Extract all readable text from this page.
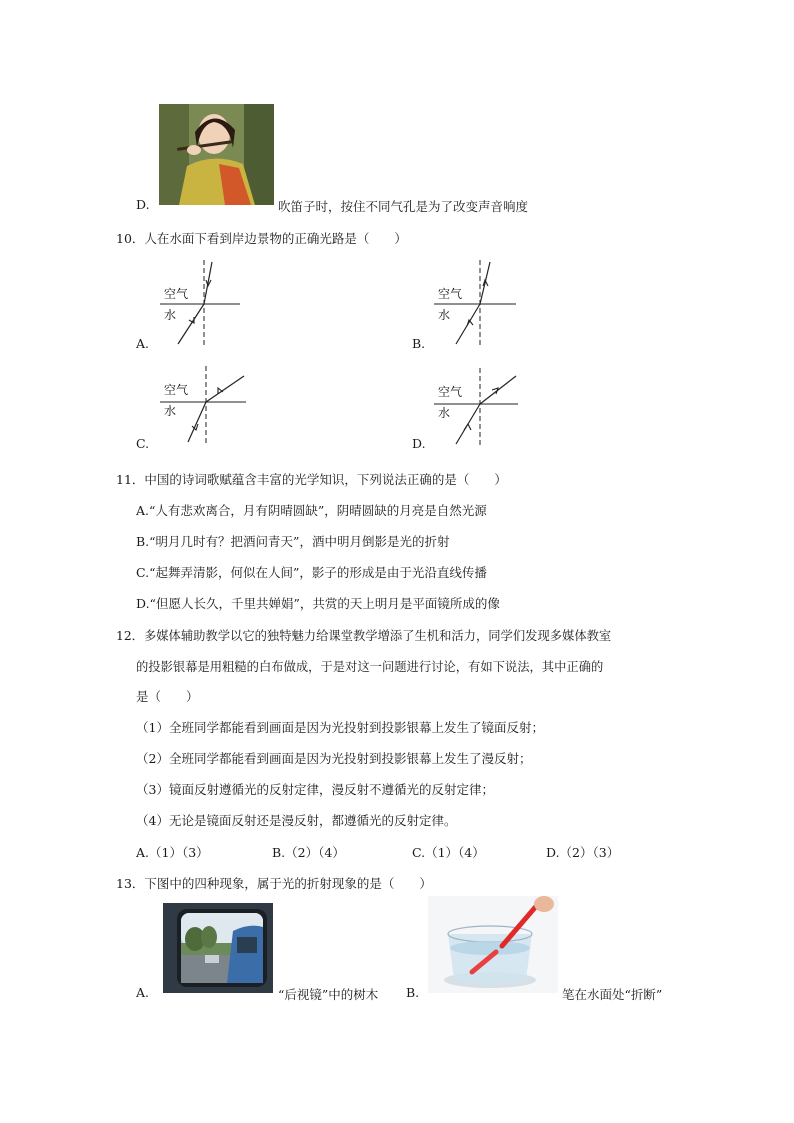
D.	吹笛子时，按住不同气孔是为了改变声音响度
10．人在水面下看到岸边景物的正确光路是（　　）
空气
水
A.
空气
水
B.
空气
水
C.
空气
水
D.
11．中国的诗词歌赋蕴含丰富的光学知识，下列说法正确的是（　　）
A.“人有悲欢离合，月有阴晴圆缺”，阴晴圆缺的月亮是自然光源
B.“明月几时有？把酒问青天”，酒中明月倒影是光的折射
C.“起舞弄清影，何似在人间”，影子的形成是由于光沿直线传播
D.“但愿人长久，千里共婵娟”，共赏的天上明月是平面镜所成的像
12．多媒体辅助教学以它的独特魅力给课堂教学增添了生机和活力，同学们发现多媒体教室
的投影银幕是用粗糙的白布做成，于是对这一问题进行讨论，有如下说法，其中正确的
是（　　）
（1）全班同学都能看到画面是因为光投射到投影银幕上发生了镜面反射；
（2）全班同学都能看到画面是因为光投射到投影银幕上发生了漫反射；
（3）镜面反射遵循光的反射定律，漫反射不遵循光的反射定律；
（4）无论是镜面反射还是漫反射，都遵循光的反射定律。
A.（1）（3）	B.（2）（4）	C.（1）（4）	D.（2）（3）
13．下图中的四种现象，属于光的折射现象的是（　　）
A.	“后视镜”中的树木 B.	笔在水面处“折断”
